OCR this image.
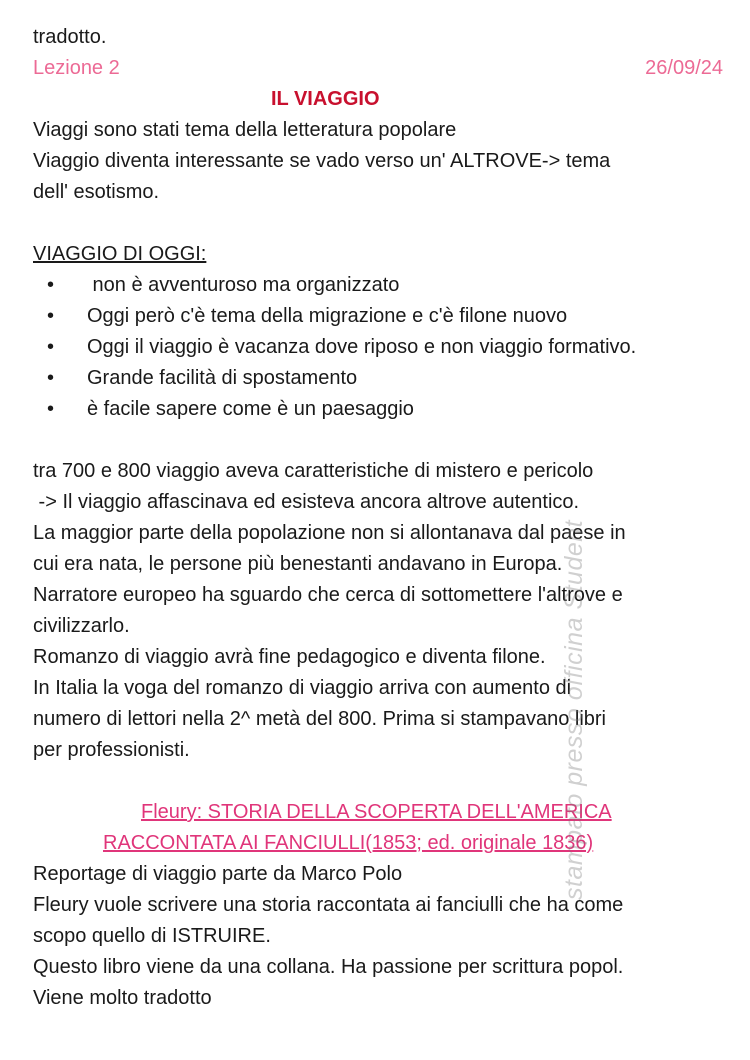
tradotto.
Lezione 2	26/09/24
IL VIAGGIO
Viaggi sono stati tema della letteratura popolare
Viaggio diventa interessante se vado verso un' ALTROVE-> tema
dell' esotismo.
VIAGGIO DI OGGI:
•	non è avventuroso ma organizzato
•	Oggi però c'è tema della migrazione e c'è filone nuovo
•	Oggi il viaggio è vacanza dove riposo e non viaggio formativo.
•	Grande facilità di spostamento
•	è facile sapere come è un paesaggio
tra 700 e 800 viaggio aveva caratteristiche di mistero e pericolo
-> Il viaggio affascinava ed esisteva ancora altrove autentico.
La maggior parte della popolazione non si allontanava dal paese in
cui era nata, le persone più benestanti andavano in Europa.
Narratore europeo ha sguardo che cerca di sottomettere l'altrove e
civilizzarlo.
Romanzo di viaggio avrà fine pedagogico e diventa filone.
In Italia la voga del romanzo di viaggio arriva con aumento di
numero di lettori nella 2^ metà del 800. Prima si stampavano libri
per professionisti.
Fleury: STORIA DELLA SCOPERTA DELL'AMERICA
RACCONTATA AI FANCIULLI(1853; ed. originale 1836)
Reportage di viaggio parte da Marco Polo
Fleury vuole scrivere una storia raccontata ai fanciulli che ha come
scopo quello di ISTRUIRE.
Questo libro viene da una collana. Ha passione per scrittura popol.
Viene molto tradotto
stampato presso officina Student
